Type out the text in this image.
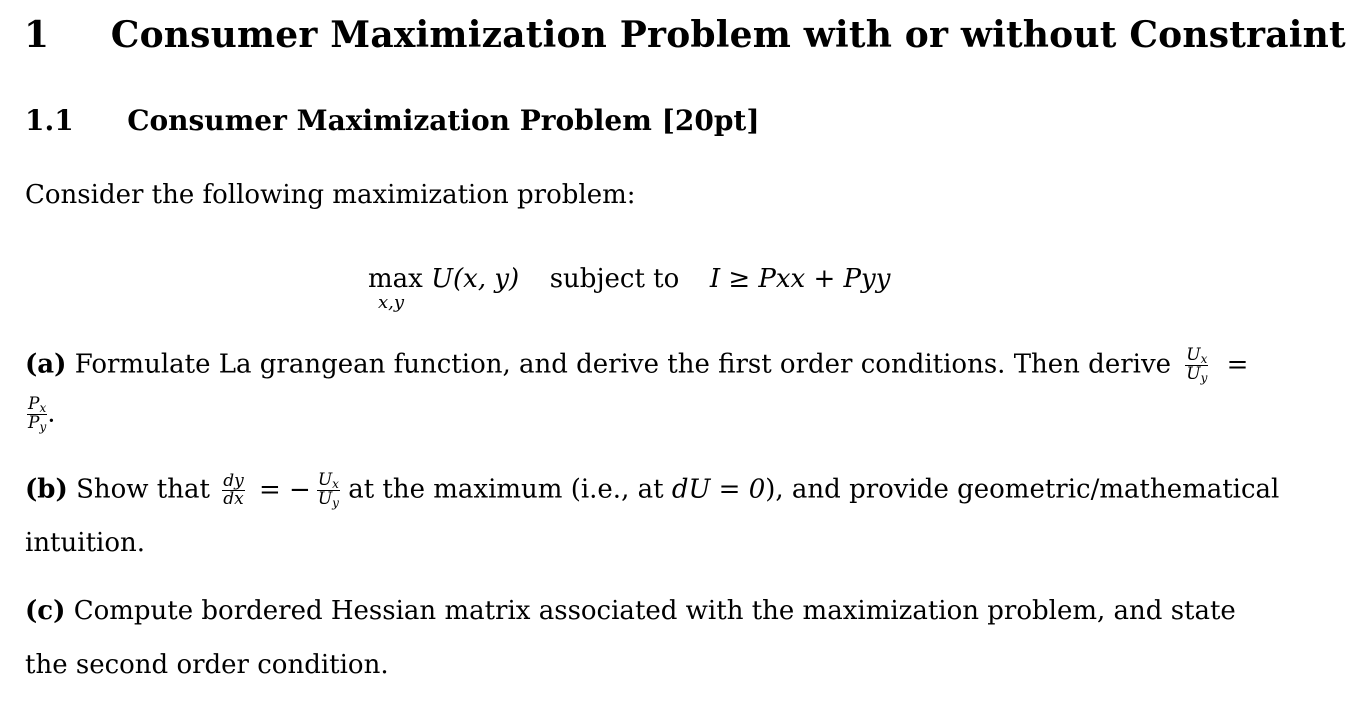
1 Consumer Maximization Problem with or without Constraint
1.1 Consumer Maximization Problem [20pt]
Consider the following maximization problem:
max
x,y
U(x, y) subject to I ≥ Pxx + Pyy
(a) Formulate La grangean function, and derive the first order conditions. Then derive $\frac{Ux}{Uy}$ =
$\frac{Px}{Py}$ .
(b) Show that $\frac{dy}{dx}$ = − $\frac{Ux}{Uy}$ at the maximum (i.e., at dU = 0), and provide geometric/mathematical
intuition.
(c) Compute bordered Hessian matrix associated with the maximization problem, and state
the second order condition.
